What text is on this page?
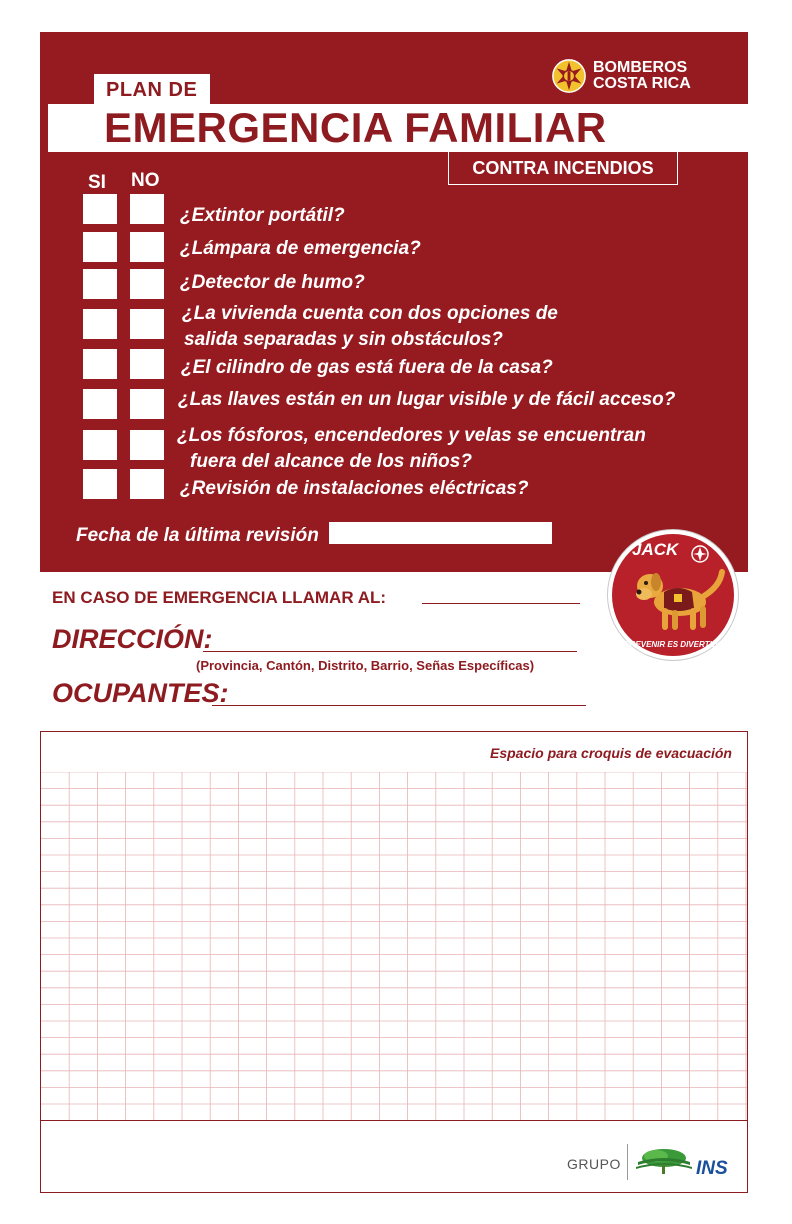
PLAN DE
EMERGENCIA FAMILIAR
CONTRA INCENDIOS
BOMBEROS
COSTA RICA
SI NO
¿Extintor portátil?
¿Lámpara de emergencia?
¿Detector de humo?
¿La vivienda cuenta con dos opciones de
salida separadas y sin obstáculos?
¿El cilindro de gas está fuera de la casa?
¿Las llaves están en un lugar visible y de fácil acceso?
¿Los fósforos, encendedores y velas se encuentran
fuera del alcance de los niños?
¿Revisión de instalaciones eléctricas?
Fecha de la última revisión
JACK
PREVENIR ES DIVERTIDO
EN CASO DE EMERGENCIA LLAMAR AL:
DIRECCIÓN:
(Provincia, Cantón, Distrito, Barrio, Señas Específicas)
OCUPANTES:
Espacio para croquis de evacuación
GRUPO	INS
